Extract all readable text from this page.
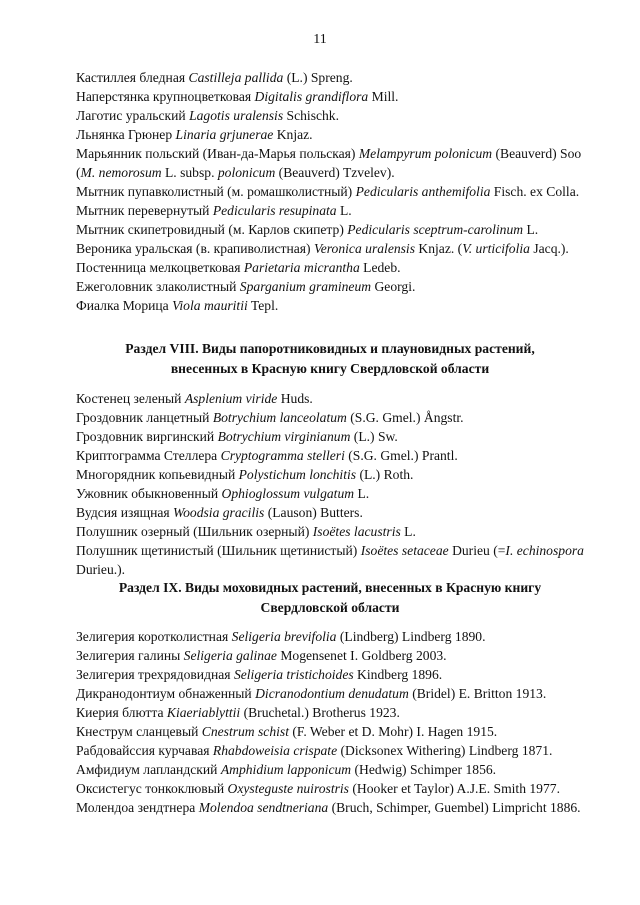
11
Кастиллея бледная Castilleja pallida (L.) Spreng.
Наперстянка крупноцветковая Digitalis grandiflora Mill.
Лаготис уральский Lagotis uralensis Schischk.
Льнянка Грюнер Linaria grjunerae Knjaz.
Марьянник польский (Иван-да-Марья польская) Melampyrum polonicum (Beauverd) Soo (M. nemorosum L. subsp. polonicum (Beauverd) Tzvelev).
Мытник пупавколистный (м. ромашколистный) Pedicularis anthemifolia Fisch. ex Colla.
Мытник перевернутый Pedicularis resupinata L.
Мытник скипетровидный (м. Карлов скипетр) Pedicularis sceptrum-carolinum L.
Вероника уральская (в. крапиволистная) Veronica uralensis Knjaz. (V. urticifolia Jacq.).
Постенница мелкоцветковая Parietaria micrantha Ledeb.
Ежеголовник злаколистный Sparganium gramineum Georgi.
Фиалка Морица Viola mauritii Tepl.
Раздел VIII. Виды папоротниковидных и плауновидных растений,
внесенных в Красную книгу Свердловской области
Костенец зеленый Asplenium viride Huds.
Гроздовник ланцетный Botrychium lanceolatum (S.G. Gmel.) Ångstr.
Гроздовник виргинский Botrychium virginianum (L.) Sw.
Криптограмма Стеллера Cryptogramma stelleri (S.G. Gmel.) Prantl.
Многорядник копьевидный Polystichum lonchitis (L.) Roth.
Ужовник обыкновенный Ophioglossum vulgatum L.
Вудсия изящная Woodsia gracilis (Lauson) Butters.
Полушник озерный (Шильник озерный) Isoëtes lacustris L.
Полушник щетинистый (Шильник щетинистый) Isoëtes setaceae Durieu (=I. echinospora Durieu.).
Раздел IX. Виды моховидных растений, внесенных в Красную книгу
Свердловской области
Зелигерия коротколистная Seligeria brevifolia (Lindberg) Lindberg 1890.
Зелигерия галины Seligeria galinae Mogensenet I. Goldberg 2003.
Зелигерия трехрядовидная Seligeria tristichoides Kindberg 1896.
Дикранодонтиум обнаженный Dicranodontium denudatum (Bridel) E. Britton 1913.
Киерия блютта Kiaeriablyttii (Bruchetal.) Brotherus 1923.
Кнеструм сланцевый Cnestrum schist (F. Weber et D. Mohr) I. Hagen 1915.
Рабдовайссия курчавая Rhabdoweisia crispate (Dicksonex Withering) Lindberg 1871.
Амфидиум лапландский Amphidium lapponicum (Hedwig) Schimper 1856.
Оксистегус тонкоклювый Oxysteguste nuirostris (Hooker et Taylor) A.J.E. Smith 1977.
Молендоа зендтнера Molendoa sendtneriana (Bruch, Schimper, Guembel) Limpricht 1886.
